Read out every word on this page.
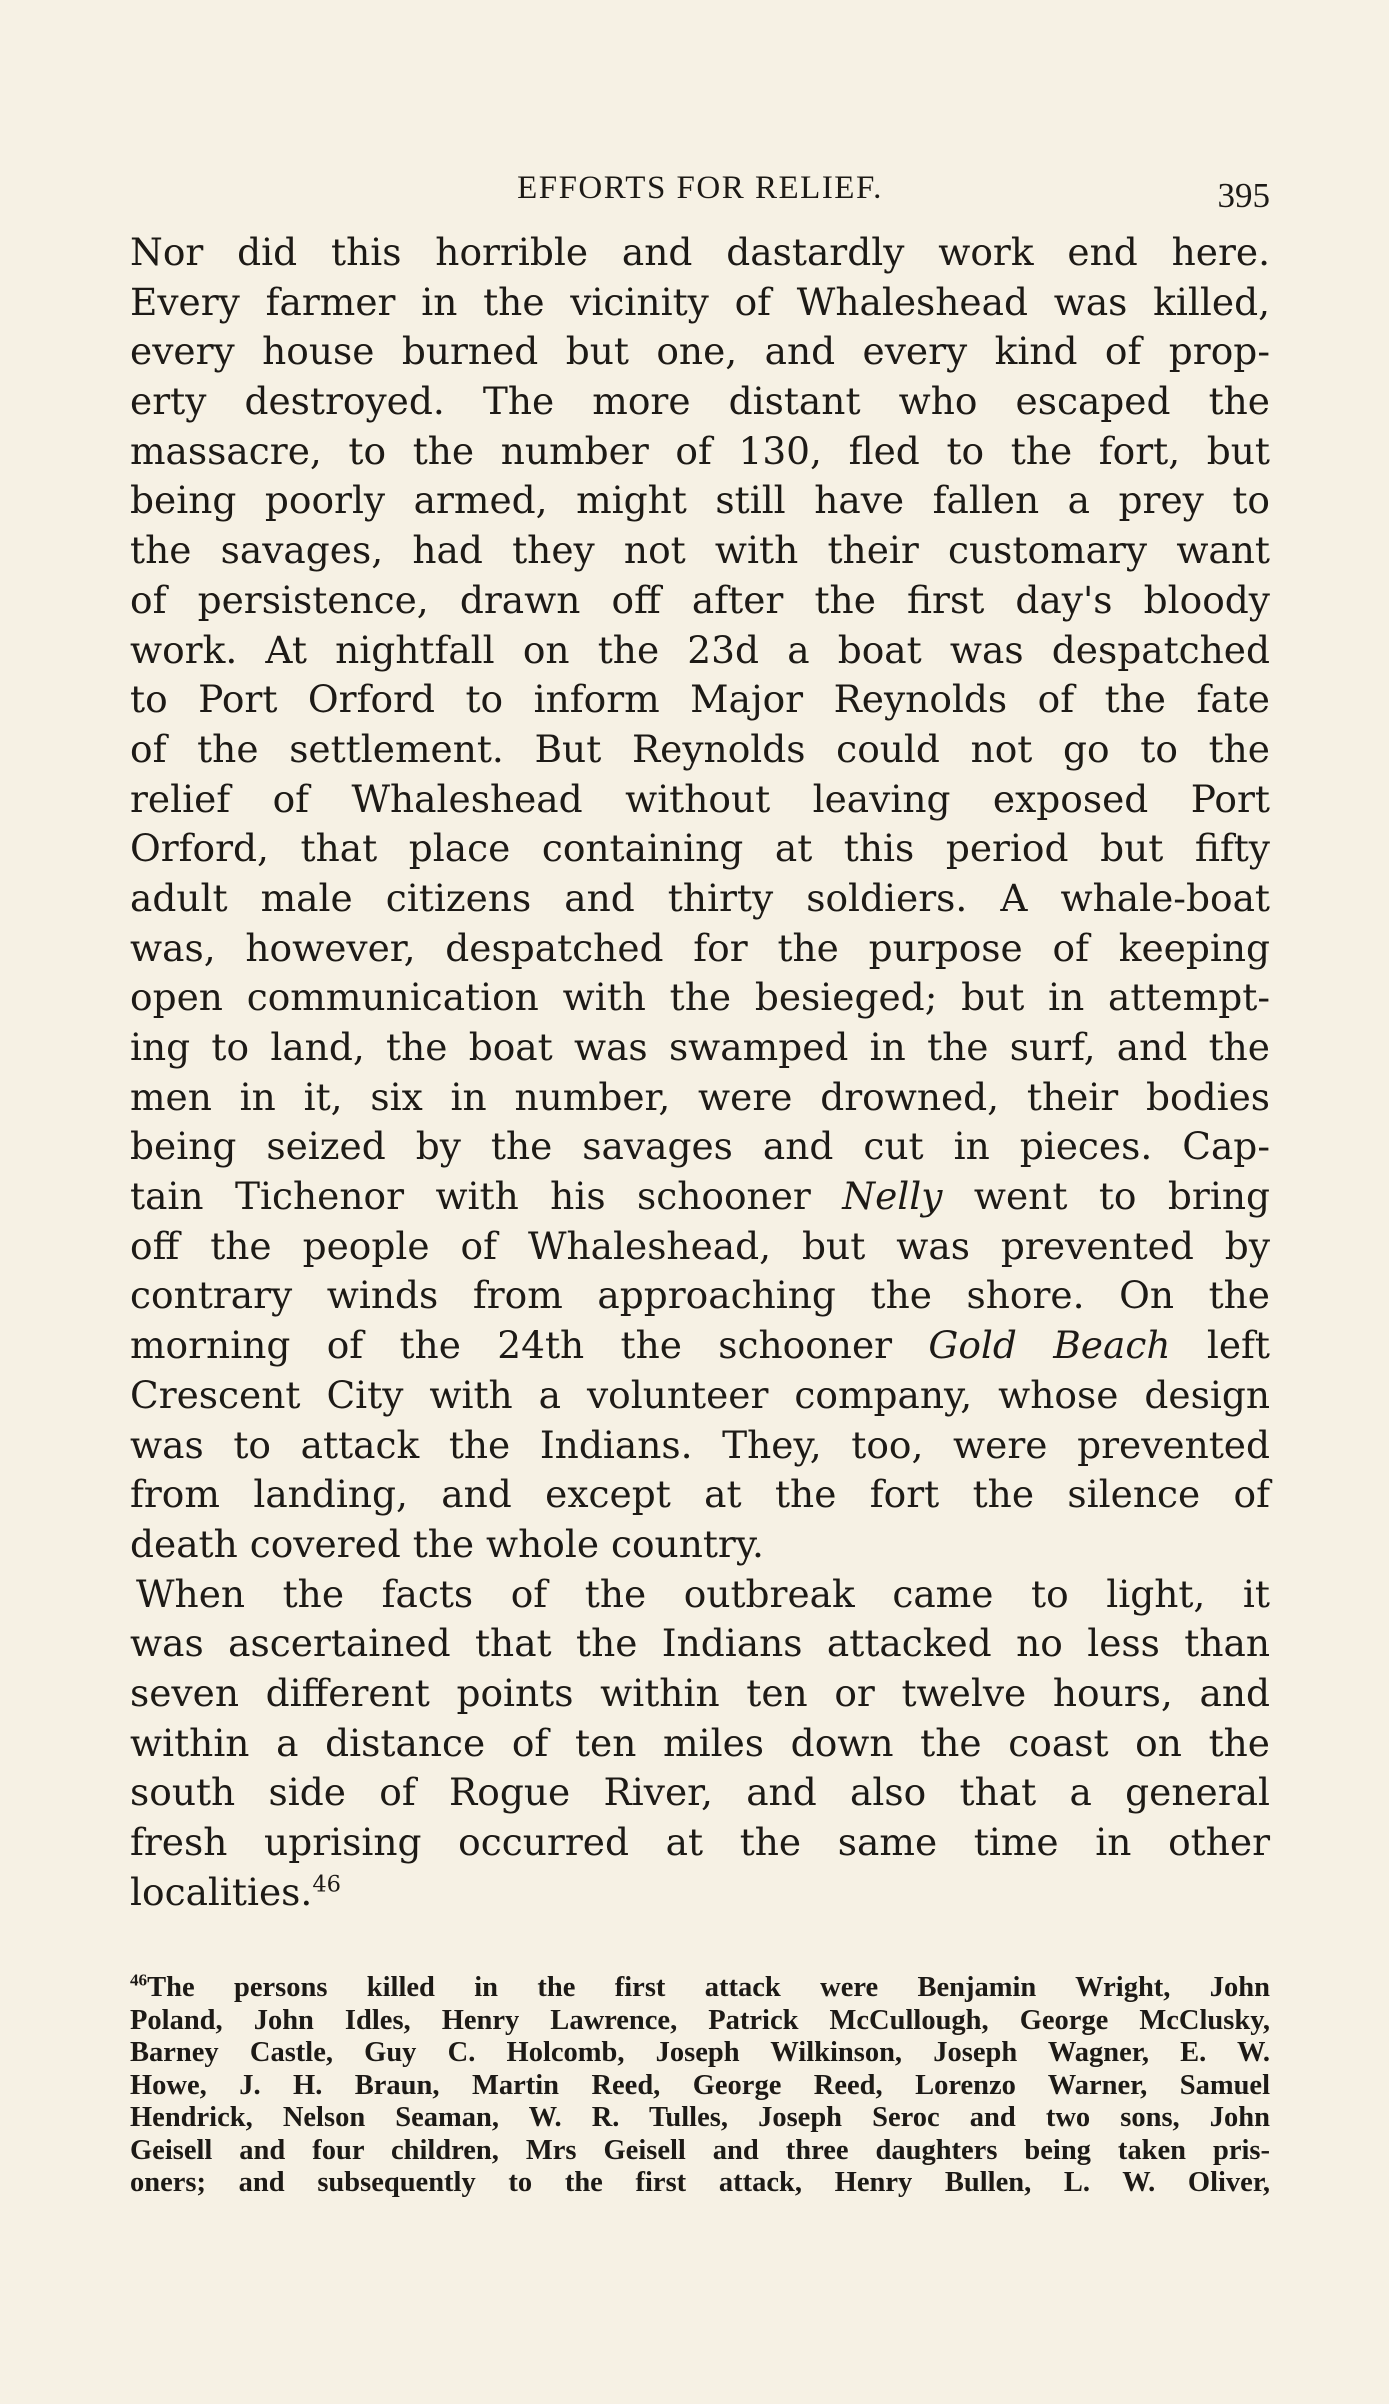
EFFORTS FOR RELIEF.	395
Nor did this horrible and dastardly work end here.
Every farmer in the vicinity of Whaleshead was killed,
every house burned but one, and every kind of prop-
erty destroyed. The more distant who escaped the
massacre, to the number of 130, fled to the fort, but
being poorly armed, might still have fallen a prey to
the savages, had they not with their customary want
of persistence, drawn off after the first day's bloody
work. At nightfall on the 23d a boat was despatched
to Port Orford to inform Major Reynolds of the fate
of the settlement. But Reynolds could not go to the
relief of Whaleshead without leaving exposed Port
Orford, that place containing at this period but fifty
adult male citizens and thirty soldiers. A whale-boat
was, however, despatched for the purpose of keeping
open communication with the besieged; but in attempt-
ing to land, the boat was swamped in the surf, and the
men in it, six in number, were drowned, their bodies
being seized by the savages and cut in pieces. Cap-
tain Tichenor with his schooner Nelly went to bring
off the people of Whaleshead, but was prevented by
contrary winds from approaching the shore. On the
morning of the 24th the schooner Gold Beach left
Crescent City with a volunteer company, whose design
was to attack the Indians. They, too, were prevented
from landing, and except at the fort the silence of
death covered the whole country.
When the facts of the outbreak came to light, it
was ascertained that the Indians attacked no less than
seven different points within ten or twelve hours, and
within a distance of ten miles down the coast on the
south side of Rogue River, and also that a general
fresh uprising occurred at the same time in other
localities.$^{46}$
$^{46}$The persons killed in the first attack were Benjamin Wright, John
Poland, John Idles, Henry Lawrence, Patrick McCullough, George McClusky,
Barney Castle, Guy C. Holcomb, Joseph Wilkinson, Joseph Wagner, E. W.
Howe, J. H. Braun, Martin Reed, George Reed, Lorenzo Warner, Samuel
Hendrick, Nelson Seaman, W. R. Tulles, Joseph Seroc and two sons, John
Geisell and four children, Mrs Geisell and three daughters being taken pris-
oners; and subsequently to the first attack, Henry Bullen, L. W. Oliver,
